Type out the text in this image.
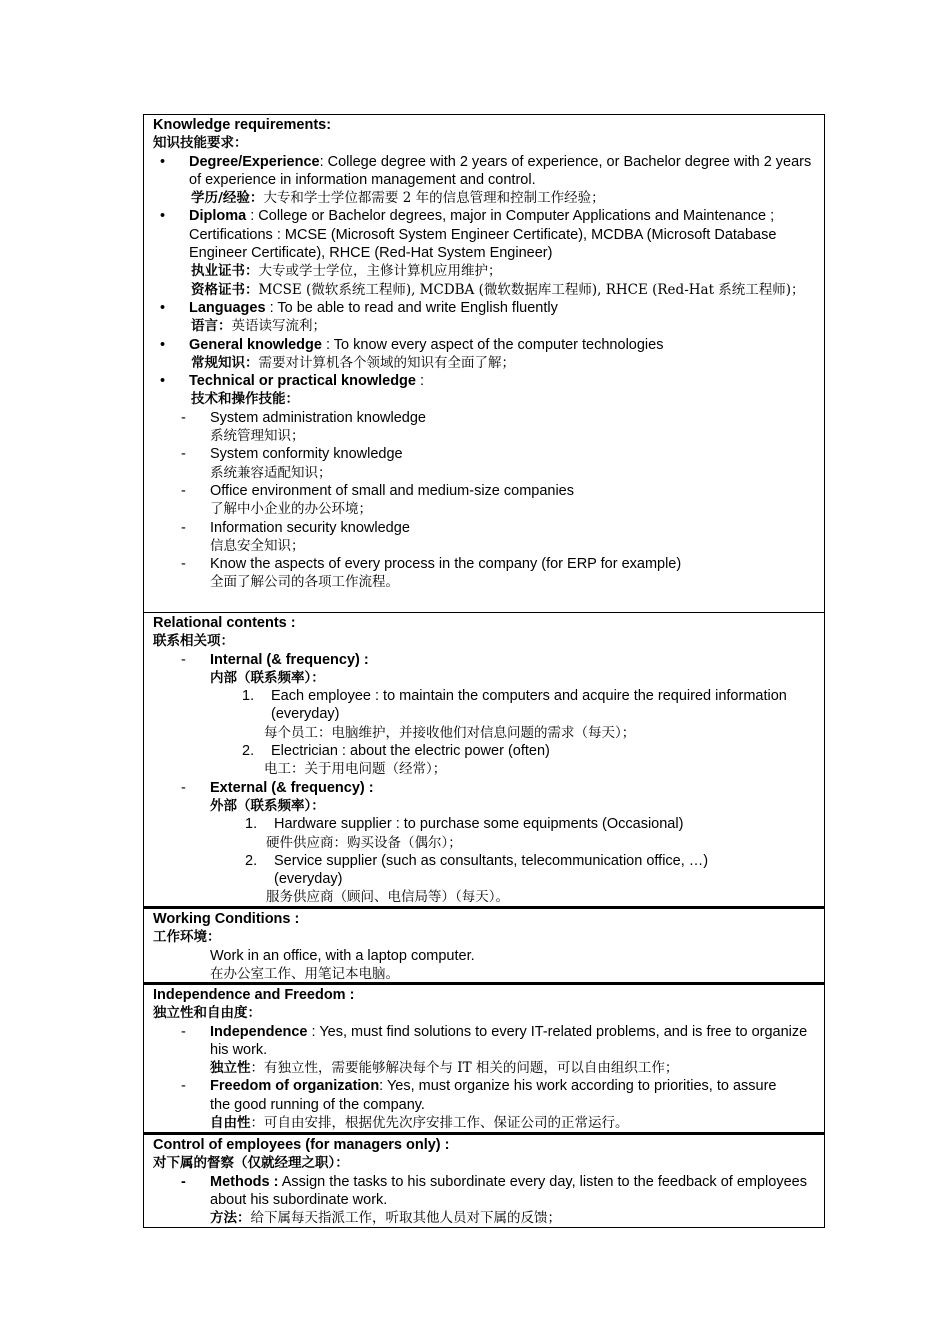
Knowledge requirements:
知识技能要求：
• Degree/Experience: College degree with 2 years of experience, or Bachelor degree with 2 years of experience in information management and control.
学历/经验：大专和学士学位都需要 2 年的信息管理和控制工作经验；
• Diploma : College or Bachelor degrees, major in Computer Applications and Maintenance ; Certifications : MCSE (Microsoft System Engineer Certificate), MCDBA (Microsoft Database Engineer Certificate), RHCE (Red-Hat System Engineer)
执业证书：大专或学士学位，主修计算机应用维护；
资格证书：MCSE (微软系统工程师), MCDBA (微软数据库工程师), RHCE (Red-Hat 系统工程师)；
• Languages : To be able to read and write English fluently
语言：英语读写流利；
• General knowledge : To know every aspect of the computer technologies
常规知识：需要对计算机各个领域的知识有全面了解；
• Technical or practical knowledge :
技术和操作技能：
- System administration knowledge
系统管理知识；
- System conformity knowledge
系统兼容适配知识；
- Office environment of small and medium-size companies
了解中小企业的办公环境；
- Information security knowledge
信息安全知识；
- Know the aspects of every process in the company (for ERP for example)
全面了解公司的各项工作流程。
Relational contents :
联系相关项：
- Internal (& frequency) :
内部（联系频率）：
1. Each employee : to maintain the computers and acquire the required information (everyday)
每个员工：电脑维护，并接收他们对信息问题的需求（每天）；
2. Electrician : about the electric power (often)
电工：关于用电问题（经常）；
- External (& frequency) :
外部（联系频率）：
1. Hardware supplier : to purchase some equipments (Occasional)
硬件供应商：购买设备（偶尔）；
2. Service supplier (such as consultants, telecommunication office, …) (everyday)
服务供应商（顾问、电信局等）（每天）。
Working Conditions :
工作环境：
Work in an office, with a laptop computer.
在办公室工作、用笔记本电脑。
Independence and Freedom :
独立性和自由度：
- Independence : Yes, must find solutions to every IT-related problems, and is free to organize his work.
独立性：有独立性，需要能够解决每个与 IT 相关的问题，可以自由组织工作；
- Freedom of organization: Yes, must organize his work according to priorities, to assure the good running of the company.
自由性：可自由安排，根据优先次序安排工作、保证公司的正常运行。
Control of employees (for managers only) :
对下属的督察（仅就经理之职）：
- Methods : Assign the tasks to his subordinate every day, listen to the feedback of employees about his subordinate work.
方法：给下属每天指派工作，听取其他人员对下属的反馈；
